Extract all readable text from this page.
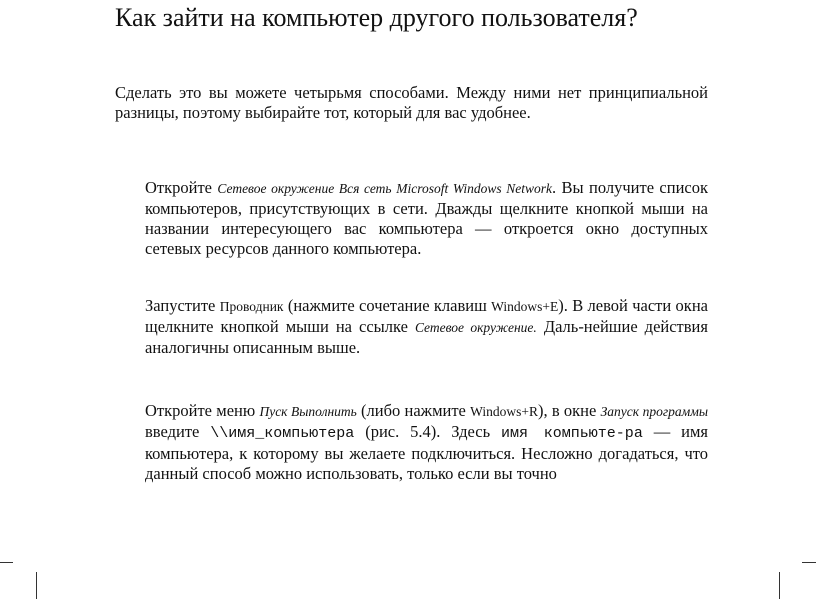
Как зайти на компьютер другого пользователя?

Сделать это вы можете четырьмя способами. Между ними нет принципиальной разницы, поэтому выбирайте тот, который для вас удобнее.

Откройте Сетевое окружение Вся сеть Microsoft Windows Network. Вы получите список компьютеров, присутствующих в сети. Дважды щелкните кнопкой мыши на названии интересующего вас компьютера — откроется окно доступных сетевых ресурсов данного компьютера.

Запустите Проводник (нажмите сочетание клавиш Windows+E). В левой части окна щелкните кнопкой мыши на ссылке Сетевое окружение. Даль-нейшие действия аналогичны описанным выше.

Откройте меню Пуск Выполнить (либо нажмите Windows+R), в окне Запуск программы введите \\имя_компьютера (рис. 5.4). Здесь имя компьюте-ра — имя компьютера, к которому вы желаете подключиться. Несложно догадаться, что данный способ можно использовать, только если вы точно
